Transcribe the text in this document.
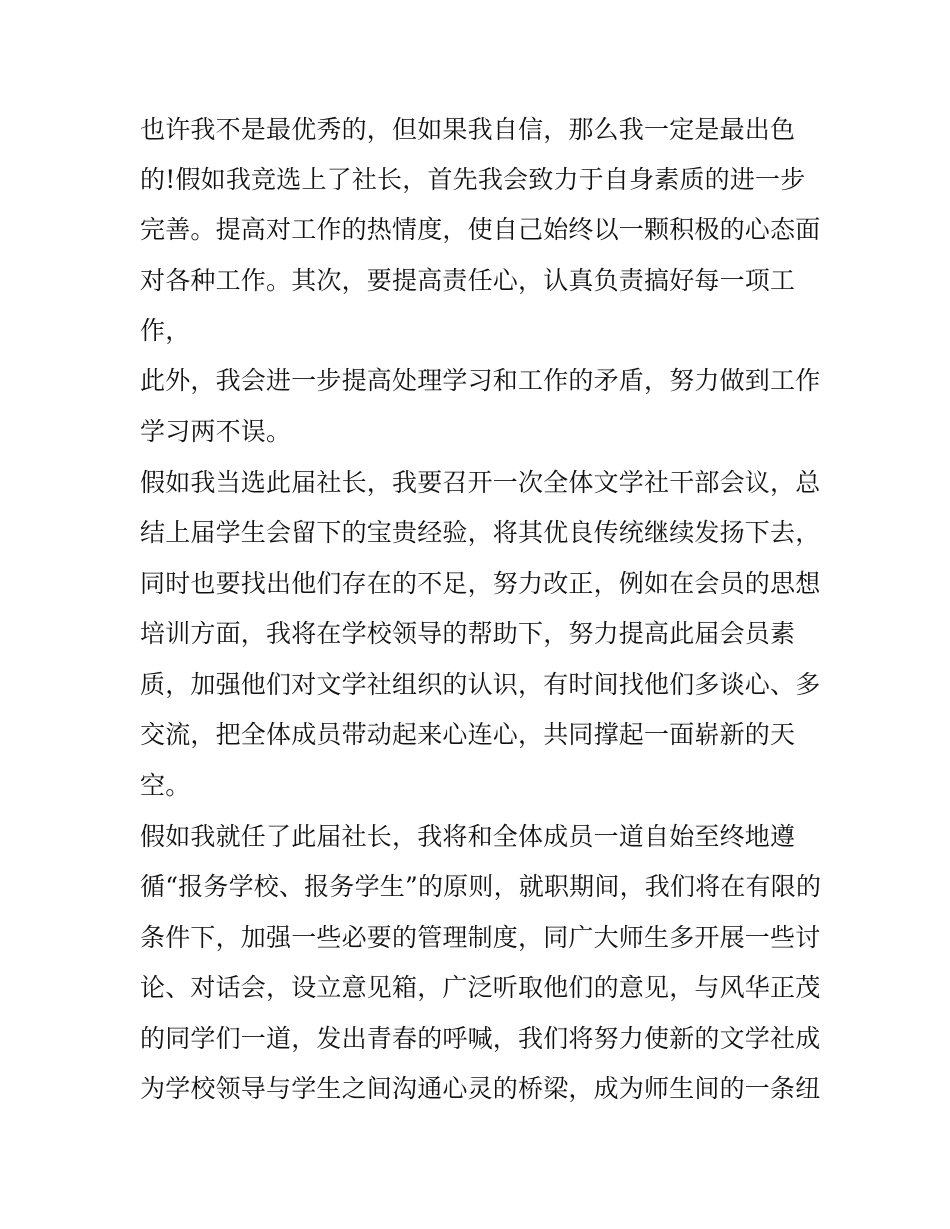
也许我不是最优秀的，但如果我自信，那么我一定是最出色
的!假如我竞选上了社长，首先我会致力于自身素质的进一步
完善。提高对工作的热情度，使自己始终以一颗积极的心态面
对各种工作。其次，要提高责任心，认真负责搞好每一项工
作，
此外，我会进一步提高处理学习和工作的矛盾，努力做到工作
学习两不误。
假如我当选此届社长，我要召开一次全体文学社干部会议，总
结上届学生会留下的宝贵经验，将其优良传统继续发扬下去，
同时也要找出他们存在的不足，努力改正，例如在会员的思想
培训方面，我将在学校领导的帮助下，努力提高此届会员素
质，加强他们对文学社组织的认识，有时间找他们多谈心、多
交流，把全体成员带动起来心连心，共同撑起一面崭新的天
空。
假如我就任了此届社长，我将和全体成员一道自始至终地遵
循“报务学校、报务学生”的原则，就职期间，我们将在有限的
条件下，加强一些必要的管理制度，同广大师生多开展一些讨
论、对话会，设立意见箱，广泛听取他们的意见，与风华正茂
的同学们一道，发出青春的呼喊，我们将努力使新的文学社成
为学校领导与学生之间沟通心灵的桥梁，成为师生间的一条纽
